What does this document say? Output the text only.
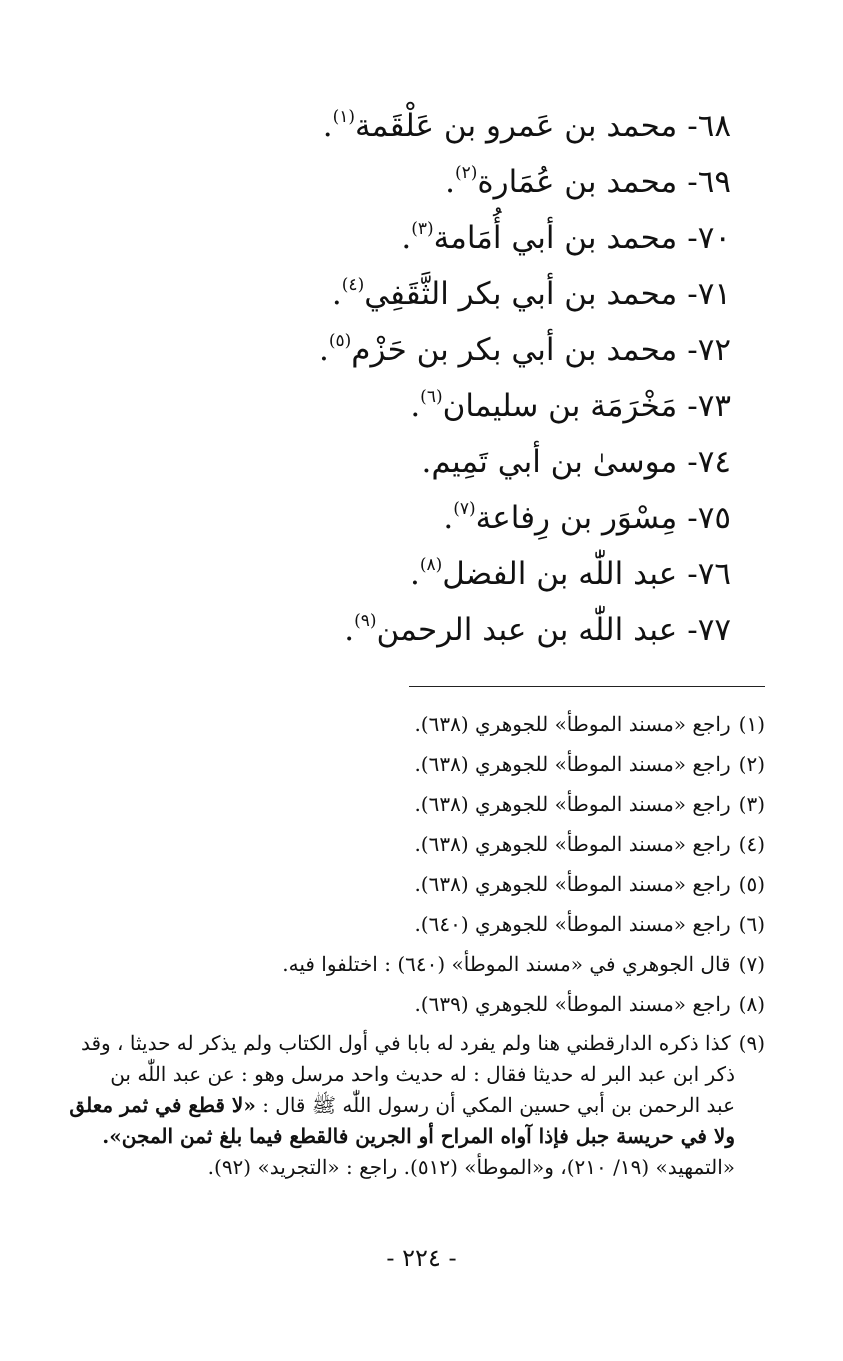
٦٨-محمد بن عَمرو بن عَلْقَمة$^{(١)}$.
٦٩-محمد بن عُمَارة$^{(٢)}$.
٧٠-محمد بن أبي أُمَامة$^{(٣)}$.
٧١-محمد بن أبي بكر الثَّقَفِي$^{(٤)}$.
٧٢-محمد بن أبي بكر بن حَزْم$^{(٥)}$.
٧٣-مَخْرَمَة بن سليمان$^{(٦)}$.
٧٤-موسىٰ بن أبي تَمِيم.
٧٥-مِسْوَر بن رِفاعة$^{(٧)}$.
٧٦-عبد اللّٰه بن الفضل$^{(٨)}$.
٧٧-عبد اللّٰه بن عبد الرحمن$^{(٩)}$.
(١)راجع «مسند الموطأ» للجوهري (٦٣٨).
(٢)راجع «مسند الموطأ» للجوهري (٦٣٨).
(٣)راجع «مسند الموطأ» للجوهري (٦٣٨).
(٤)راجع «مسند الموطأ» للجوهري (٦٣٨).
(٥)راجع «مسند الموطأ» للجوهري (٦٣٨).
(٦)راجع «مسند الموطأ» للجوهري (٦٤٠).
(٧)قال الجوهري في «مسند الموطأ» (٦٤٠) : اختلفوا فيه.
(٨)راجع «مسند الموطأ» للجوهري (٦٣٩).
(٩)كذا ذكره الدارقطني هنا ولم يفرد له بابا في أول الكتاب ولم يذكر له حديثا ، وقد
ذكر ابن عبد البر له حديثا فقال : له حديث واحد مرسل وهو : عن عبد اللّٰه بن
عبد الرحمن بن أبي حسين المكي أن رسول اللّٰه ﷺ قال : «لا قطع في ثمر معلق
ولا في حريسة جبل فإذا آواه المراح أو الجرين فالقطع فيما بلغ ثمن المجن».
«التمهيد» (١٩/ ٢١٠)، و«الموطأ» (٥١٢). راجع : «التجريد» (٩٢).
- ٢٢٤ -
